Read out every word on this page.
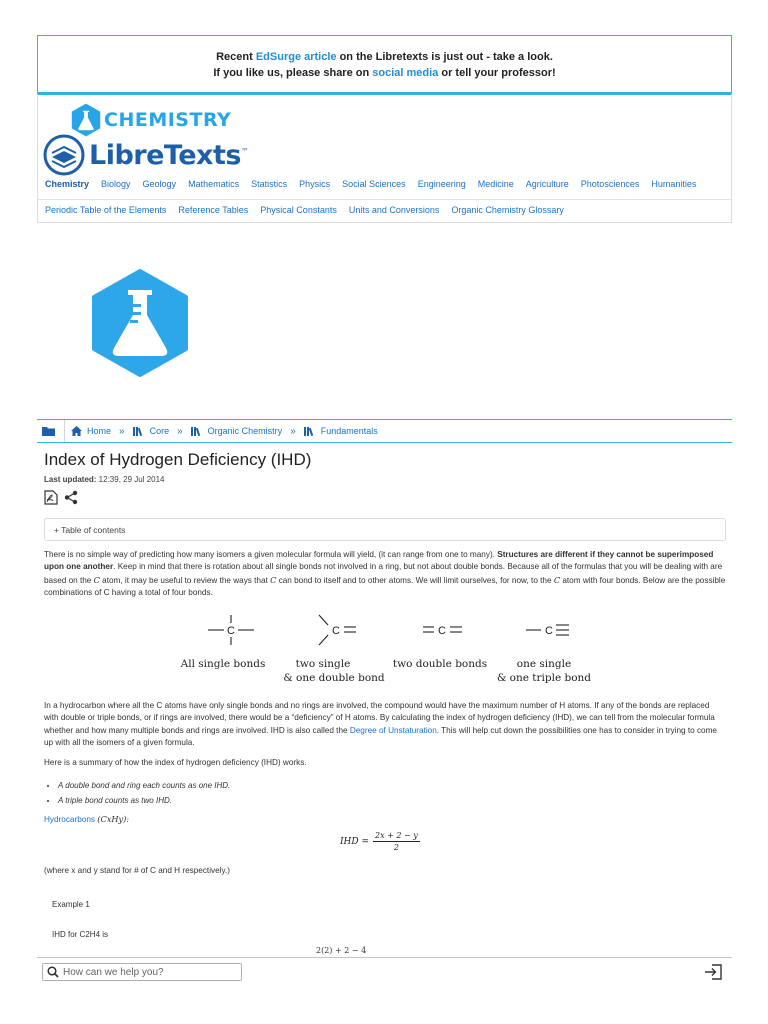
Recent EdSurge article on the Libretexts is just out - take a look.
If you like us, please share on social media or tell your professor!
CHEMISTRY
LibreTexts™
Chemistry Biology Geology Mathematics Statistics Physics Social Sciences Engineering Medicine Agriculture Photosciences Humanities
Periodic Table of the Elements Reference Tables Physical Constants Units and Conversions Organic Chemistry Glossary
Home »	Core »	Organic Chemistry »	Fundamentals
Index of Hydrogen Deficiency (IHD)
Last updated: 12:39, 29 Jul 2014
+ Table of contents
There is no simple way of predicting how many isomers a given molecular formula will yield, (it can range from one to many). Structures are different if they cannot be superimposed upon one another. Keep in mind that there is rotation about all single bonds not involved in a ring, but not about double bonds. Because all of the formulas that you will be dealing with are based on the C atom, it may be useful to review the ways that C can bond to itself and to other atoms. We will limit ourselves, for now, to the C atom with four bonds. Below are the possible combinations of C having a total of four bonds.
C	C	C	C
All single bonds	two single
& one double bond
two double bonds	one single
& one triple bond
In a hydrocarbon where all the C atoms have only single bonds and no rings are involved, the compound would have the maximum number of H atoms. If any of the bonds are replaced with double or triple bonds, or if rings are involved, there would be a “deficiency” of H atoms. By calculating the index of hydrogen deficiency (IHD), we can tell from the molecular formula whether and how many multiple bonds and rings are involved. IHD is also called the Degree of Unstaturation. This will help cut down the possibilities one has to consider in trying to come up with all the isomers of a given formula.
Here is a summary of how the index of hydrogen deficiency (IHD) works.
• A double bond and ring each counts as one IHD.
• A triple bond counts as two IHD.
Hydrocarbons (CxHy):
IHD = $\frac{2x + 2 - y}{2}$
(where x and y stand for # of C and H respectively.)
Example 1
IHD for C2H4 is
2(2) + 2 − 4
How can we help you?
